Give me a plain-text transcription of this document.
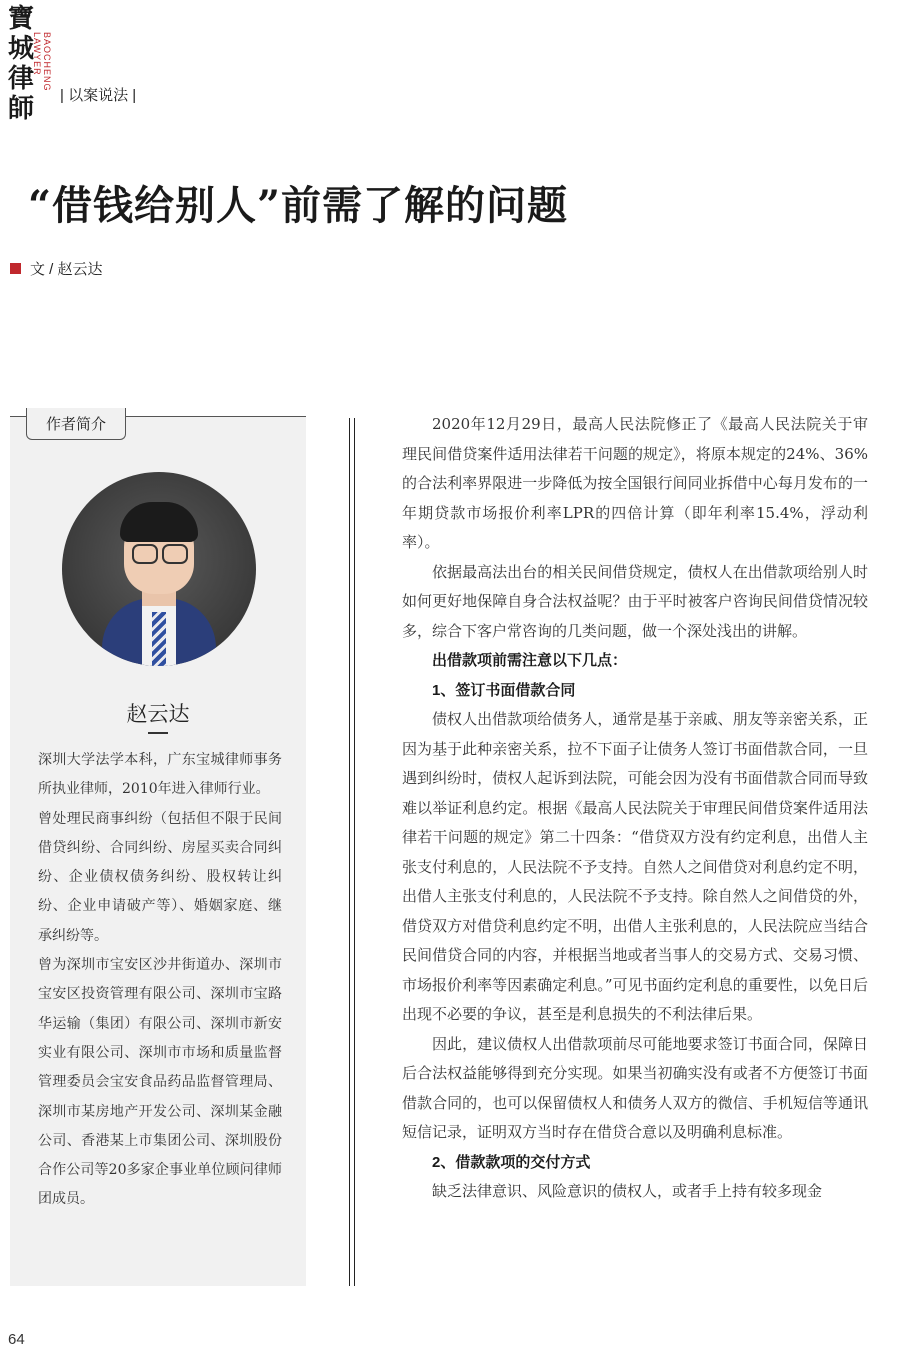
寶城律師
BAOCHENG LAWYER
| 以案说法 |
“借钱给别人”前需了解的问题
文 / 赵云达
作者简介
赵云达

深圳大学法学本科，广东宝城律师事务所执业律师，2010年进入律师行业。

曾处理民商事纠纷（包括但不限于民间借贷纠纷、合同纠纷、房屋买卖合同纠纷、企业债权债务纠纷、股权转让纠纷、企业申请破产等）、婚姻家庭、继承纠纷等。

曾为深圳市宝安区沙井街道办、深圳市宝安区投资管理有限公司、深圳市宝路华运输（集团）有限公司、深圳市新安实业有限公司、深圳市市场和质量监督管理委员会宝安食品药品监督管理局、深圳市某房地产开发公司、深圳某金融公司、香港某上市集团公司、深圳股份合作公司等20多家企事业单位顾问律师团成员。

2020年12月29日，最高人民法院修正了《最高人民法院关于审理民间借贷案件适用法律若干问题的规定》，将原本规定的24%、36%的合法利率界限进一步降低为按全国银行间同业拆借中心每月发布的一年期贷款市场报价利率LPR的四倍计算（即年利率15.4%，浮动利率）。

依据最高法出台的相关民间借贷规定，债权人在出借款项给别人时如何更好地保障自身合法权益呢？由于平时被客户咨询民间借贷情况较多，综合下客户常咨询的几类问题，做一个深处浅出的讲解。

出借款项前需注意以下几点：

1、签订书面借款合同

债权人出借款项给债务人，通常是基于亲戚、朋友等亲密关系，正因为基于此种亲密关系，拉不下面子让债务人签订书面借款合同，一旦遇到纠纷时，债权人起诉到法院，可能会因为没有书面借款合同而导致难以举证利息约定。根据《最高人民法院关于审理民间借贷案件适用法律若干问题的规定》第二十四条：“借贷双方没有约定利息，出借人主张支付利息的，人民法院不予支持。自然人之间借贷对利息约定不明，出借人主张支付利息的，人民法院不予支持。除自然人之间借贷的外，借贷双方对借贷利息约定不明，出借人主张利息的，人民法院应当结合民间借贷合同的内容，并根据当地或者当事人的交易方式、交易习惯、市场报价利率等因素确定利息。”可见书面约定利息的重要性，以免日后出现不必要的争议，甚至是利息损失的不利法律后果。

因此，建议债权人出借款项前尽可能地要求签订书面合同，保障日后合法权益能够得到充分实现。如果当初确实没有或者不方便签订书面借款合同的，也可以保留债权人和债务人双方的微信、手机短信等通讯短信记录，证明双方当时存在借贷合意以及明确利息标准。

2、借款款项的交付方式

缺乏法律意识、风险意识的债权人，或者手上持有较多现金

64
